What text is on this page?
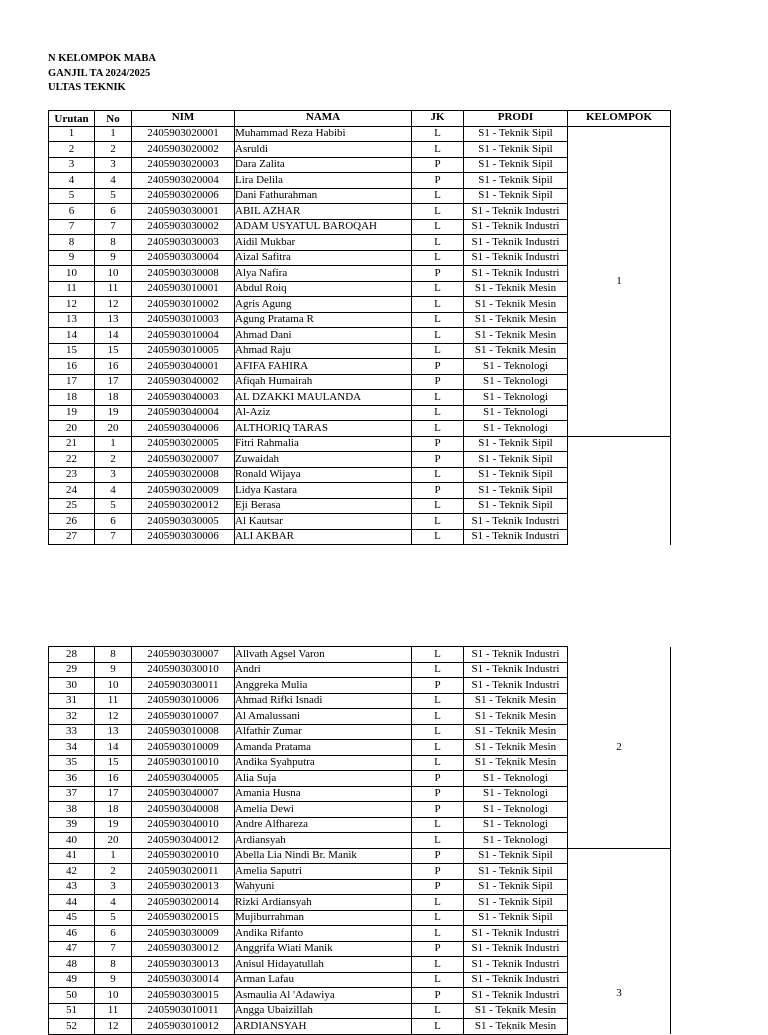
N KELOMPOK MABA
GANJIL TA 2024/2025
ULTAS TEKNIK
Urutan	No	NIM	NAMA	JK	PRODI	KELOMPOK
1	1	2405903020001	Muhammad Reza Habibi	L	S1 - Teknik Sipil	1
2	2	2405903020002	Asruldi	L	S1 - Teknik Sipil	
3	3	2405903020003	Dara Zalita	P	S1 - Teknik Sipil	
4	4	2405903020004	Lira Delila	P	S1 - Teknik Sipil	
5	5	2405903020006	Dani Fathurahman	L	S1 - Teknik Sipil	
6	6	2405903030001	ABIL AZHAR	L	S1 - Teknik Industri	
7	7	2405903030002	ADAM USYATUL BAROQAH	L	S1 - Teknik Industri	
8	8	2405903030003	Aidil Mukbar	L	S1 - Teknik Industri	
9	9	2405903030004	Aizal Safitra	L	S1 - Teknik Industri	
10	10	2405903030008	Alya Nafira	P	S1 - Teknik Industri	
11	11	2405903010001	Abdul Roiq	L	S1 - Teknik Mesin	
12	12	2405903010002	Agris Agung	L	S1 - Teknik Mesin	
13	13	2405903010003	Agung Pratama R	L	S1 - Teknik Mesin	
14	14	2405903010004	Ahmad Dani	L	S1 - Teknik Mesin	
15	15	2405903010005	Ahmad Raju	L	S1 - Teknik Mesin	
16	16	2405903040001	AFIFA FAHIRA	P	S1 - Teknologi	
17	17	2405903040002	Afiqah Humairah	P	S1 - Teknologi	
18	18	2405903040003	AL DZAKKI MAULANDA	L	S1 - Teknologi	
19	19	2405903040004	Al-Aziz	L	S1 - Teknologi	
20	20	2405903040006	ALTHORIQ TARAS	L	S1 - Teknologi	
21	1	2405903020005	Fitri Rahmalia	P	S1 - Teknik Sipil	
22	2	2405903020007	Zuwaidah	P	S1 - Teknik Sipil	
23	3	2405903020008	Ronald Wijaya	L	S1 - Teknik Sipil	
24	4	2405903020009	Lidya Kastara	P	S1 - Teknik Sipil	
25	5	2405903020012	Eji Berasa	L	S1 - Teknik Sipil	
26	6	2405903030005	Al Kautsar	L	S1 - Teknik Industri	
27	7	2405903030006	ALI AKBAR	L	S1 - Teknik Industri	
28	8	2405903030007	Allvath Agsel Varon	L	S1 - Teknik Industri	2
29	9	2405903030010	Andri	L	S1 - Teknik Industri	
30	10	2405903030011	Anggreka Mulia	P	S1 - Teknik Industri	
31	11	2405903010006	Ahmad Rifki Isnadi	L	S1 - Teknik Mesin	
32	12	2405903010007	Al Amalussani	L	S1 - Teknik Mesin	
33	13	2405903010008	Alfathir Zumar	L	S1 - Teknik Mesin	
34	14	2405903010009	Amanda Pratama	L	S1 - Teknik Mesin	
35	15	2405903010010	Andika Syahputra	L	S1 - Teknik Mesin	
36	16	2405903040005	Alia Suja	P	S1 - Teknologi	
37	17	2405903040007	Amania Husna	P	S1 - Teknologi	
38	18	2405903040008	Amelia Dewi	P	S1 - Teknologi	
39	19	2405903040010	Andre Alfhareza	L	S1 - Teknologi	
40	20	2405903040012	Ardiansyah	L	S1 - Teknologi	
41	1	2405903020010	Abella Lia Nindi Br. Manik	P	S1 - Teknik Sipil	3
42	2	2405903020011	Amelia Saputri	P	S1 - Teknik Sipil	
43	3	2405903020013	Wahyuni	P	S1 - Teknik Sipil	
44	4	2405903020014	Rizki Ardiansyah	L	S1 - Teknik Sipil	
45	5	2405903020015	Mujiburrahman	L	S1 - Teknik Sipil	
46	6	2405903030009	Andika Rifanto	L	S1 - Teknik Industri	
47	7	2405903030012	Anggrifa Wiati Manik	P	S1 - Teknik Industri	
48	8	2405903030013	Anisul Hidayatullah	L	S1 - Teknik Industri	
49	9	2405903030014	Arman Lafau	L	S1 - Teknik Industri	
50	10	2405903030015	Asmaulia Al 'Adawiya	P	S1 - Teknik Industri	
51	11	2405903010011	Angga Ubaizillah	L	S1 - Teknik Mesin	
52	12	2405903010012	ARDIANSYAH	L	S1 - Teknik Mesin	
